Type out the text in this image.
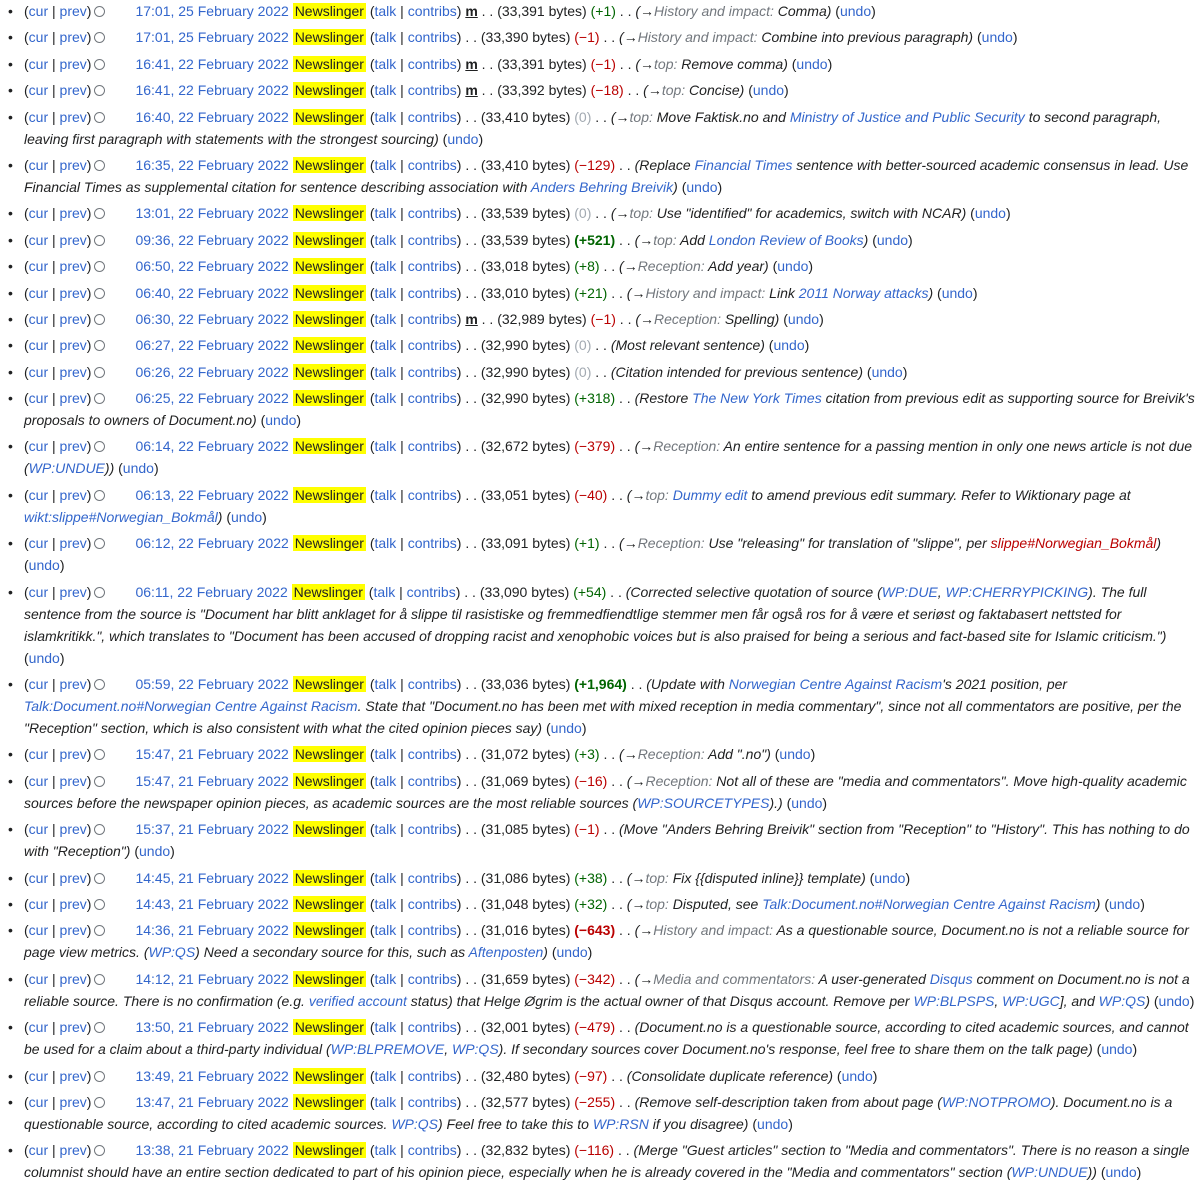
• (cur | prev)	17:01, 25 February 2022 Newslinger (talk | contribs) m . . (33,391 bytes) (+1) . . (→History and impact: Comma) (undo)
• (cur | prev)	17:01, 25 February 2022 Newslinger (talk | contribs) . . (33,390 bytes) (−1) . . (→History and impact: Combine into previous paragraph) (undo)
• (cur | prev)	16:41, 22 February 2022 Newslinger (talk | contribs) m . . (33,391 bytes) (−1) . . (→top: Remove comma) (undo)
• (cur | prev)	16:41, 22 February 2022 Newslinger (talk | contribs) m . . (33,392 bytes) (−18) . . (→top: Concise) (undo)
• (cur | prev)	16:40, 22 February 2022 Newslinger (talk | contribs) . . (33,410 bytes) (0) . . (→top: Move Faktisk.no and Ministry of Justice and Public Security to second paragraph, leaving first paragraph with statements with the strongest sourcing) (undo)
• (cur | prev)	16:35, 22 February 2022 Newslinger (talk | contribs) . . (33,410 bytes) (−129) . . (Replace Financial Times sentence with better-sourced academic consensus in lead. Use Financial Times as supplemental citation for sentence describing association with Anders Behring Breivik) (undo)
• (cur | prev)	13:01, 22 February 2022 Newslinger (talk | contribs) . . (33,539 bytes) (0) . . (→top: Use "identified" for academics, switch with NCAR) (undo)
• (cur | prev)	09:36, 22 February 2022 Newslinger (talk | contribs) . . (33,539 bytes) (+521) . . (→top: Add London Review of Books) (undo)
• (cur | prev)	06:50, 22 February 2022 Newslinger (talk | contribs) . . (33,018 bytes) (+8) . . (→Reception: Add year) (undo)
• (cur | prev)	06:40, 22 February 2022 Newslinger (talk | contribs) . . (33,010 bytes) (+21) . . (→History and impact: Link 2011 Norway attacks) (undo)
• (cur | prev)	06:30, 22 February 2022 Newslinger (talk | contribs) m . . (32,989 bytes) (−1) . . (→Reception: Spelling) (undo)
• (cur | prev)	06:27, 22 February 2022 Newslinger (talk | contribs) . . (32,990 bytes) (0) . . (Most relevant sentence) (undo)
• (cur | prev)	06:26, 22 February 2022 Newslinger (talk | contribs) . . (32,990 bytes) (0) . . (Citation intended for previous sentence) (undo)
• (cur | prev)	06:25, 22 February 2022 Newslinger (talk | contribs) . . (32,990 bytes) (+318) . . (Restore The New York Times citation from previous edit as supporting source for Breivik's proposals to owners of Document.no) (undo)
• (cur | prev)	06:14, 22 February 2022 Newslinger (talk | contribs) . . (32,672 bytes) (−379) . . (→Reception: An entire sentence for a passing mention in only one news article is not due (WP:UNDUE)) (undo)
• (cur | prev)	06:13, 22 February 2022 Newslinger (talk | contribs) . . (33,051 bytes) (−40) . . (→top: Dummy edit to amend previous edit summary. Refer to Wiktionary page at wikt:slippe#Norwegian_Bokmål) (undo)
• (cur | prev)	06:12, 22 February 2022 Newslinger (talk | contribs) . . (33,091 bytes) (+1) . . (→Reception: Use "releasing" for translation of "slippe", per slippe#Norwegian_Bokmål) (undo)
• (cur | prev)	06:11, 22 February 2022 Newslinger (talk | contribs) . . (33,090 bytes) (+54) . . (Corrected selective quotation of source (WP:DUE, WP:CHERRYPICKING). The full sentence from the source is "Document har blitt anklaget for å slippe til rasistiske og fremmedfiendtlige stemmer men får også ros for å være et seriøst og faktabasert nettsted for islamkritikk.", which translates to "Document has been accused of dropping racist and xenophobic voices but is also praised for being a serious and fact-based site for Islamic criticism.") (undo)
• (cur | prev)	05:59, 22 February 2022 Newslinger (talk | contribs) . . (33,036 bytes) (+1,964) . . (Update with Norwegian Centre Against Racism's 2021 position, per Talk:Document.no#Norwegian Centre Against Racism. State that "Document.no has been met with mixed reception in media commentary", since not all commentators are positive, per the "Reception" section, which is also consistent with what the cited opinion pieces say) (undo)
• (cur | prev)	15:47, 21 February 2022 Newslinger (talk | contribs) . . (31,072 bytes) (+3) . . (→Reception: Add ".no") (undo)
• (cur | prev)	15:47, 21 February 2022 Newslinger (talk | contribs) . . (31,069 bytes) (−16) . . (→Reception: Not all of these are "media and commentators". Move high-quality academic sources before the newspaper opinion pieces, as academic sources are the most reliable sources (WP:SOURCETYPES).) (undo)
• (cur | prev)	15:37, 21 February 2022 Newslinger (talk | contribs) . . (31,085 bytes) (−1) . . (Move "Anders Behring Breivik" section from "Reception" to "History". This has nothing to do with "Reception") (undo)
• (cur | prev)	14:45, 21 February 2022 Newslinger (talk | contribs) . . (31,086 bytes) (+38) . . (→top: Fix {{disputed inline}} template) (undo)
• (cur | prev)	14:43, 21 February 2022 Newslinger (talk | contribs) . . (31,048 bytes) (+32) . . (→top: Disputed, see Talk:Document.no#Norwegian Centre Against Racism) (undo)
• (cur | prev)	14:36, 21 February 2022 Newslinger (talk | contribs) . . (31,016 bytes) (−643) . . (→History and impact: As a questionable source, Document.no is not a reliable source for page view metrics. (WP:QS) Need a secondary source for this, such as Aftenposten) (undo)
• (cur | prev)	14:12, 21 February 2022 Newslinger (talk | contribs) . . (31,659 bytes) (−342) . . (→Media and commentators: A user-generated Disqus comment on Document.no is not a reliable source. There is no confirmation (e.g. verified account status) that Helge Øgrim is the actual owner of that Disqus account. Remove per WP:BLPSPS, WP:UGC], and WP:QS) (undo)
• (cur | prev)	13:50, 21 February 2022 Newslinger (talk | contribs) . . (32,001 bytes) (−479) . . (Document.no is a questionable source, according to cited academic sources, and cannot be used for a claim about a third-party individual (WP:BLPREMOVE, WP:QS). If secondary sources cover Document.no's response, feel free to share them on the talk page) (undo)
• (cur | prev)	13:49, 21 February 2022 Newslinger (talk | contribs) . . (32,480 bytes) (−97) . . (Consolidate duplicate reference) (undo)
• (cur | prev)	13:47, 21 February 2022 Newslinger (talk | contribs) . . (32,577 bytes) (−255) . . (Remove self-description taken from about page (WP:NOTPROMO). Document.no is a questionable source, according to cited academic sources. WP:QS) Feel free to take this to WP:RSN if you disagree) (undo)
• (cur | prev)	13:38, 21 February 2022 Newslinger (talk | contribs) . . (32,832 bytes) (−116) . . (Merge "Guest articles" section to "Media and commentators". There is no reason a single columnist should have an entire section dedicated to part of his opinion piece, especially when he is already covered in the "Media and commentators" section (WP:UNDUE)) (undo)
